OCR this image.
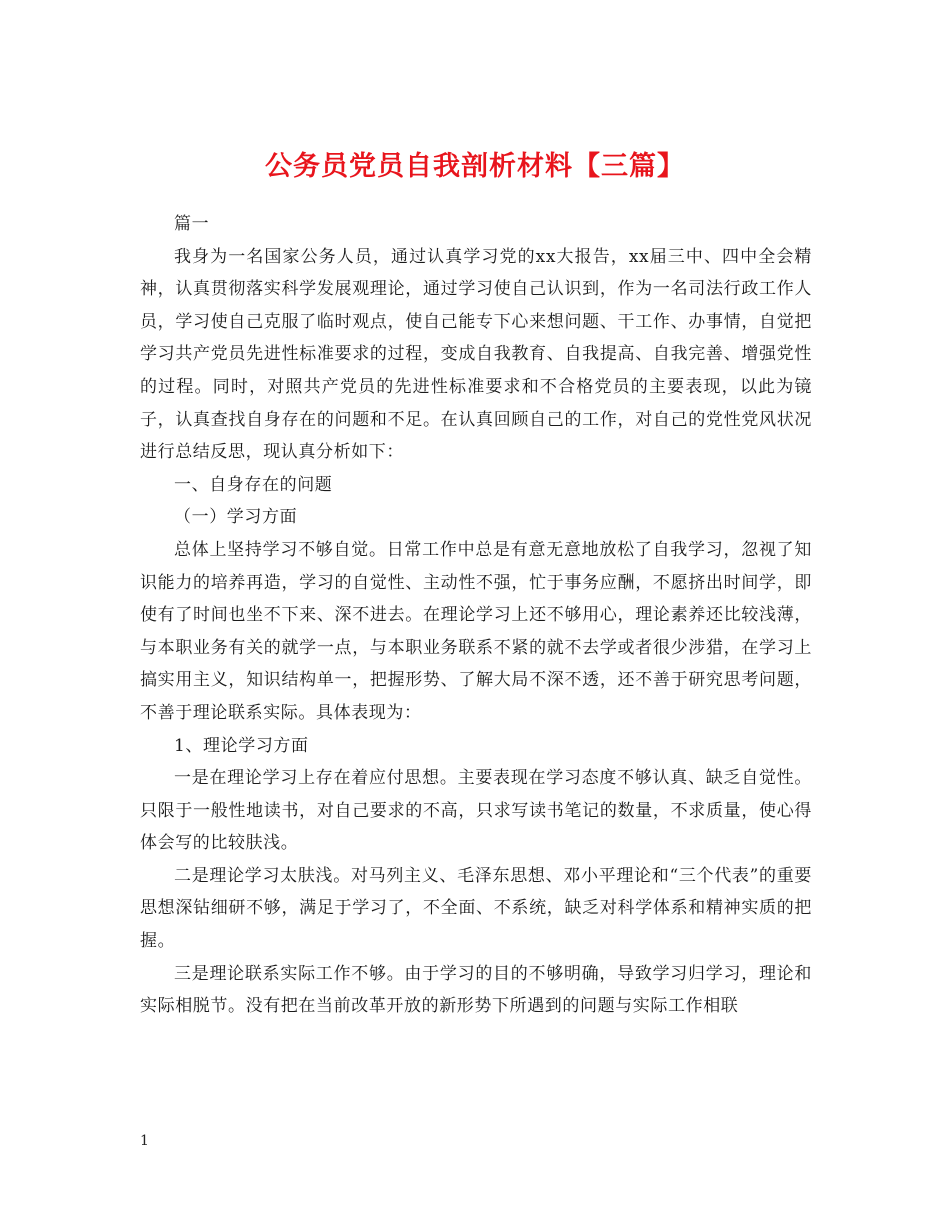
公务员党员自我剖析材料【三篇】

篇一

我身为一名国家公务人员，通过认真学习党的xx大报告，xx届三中、四中全会精神，认真贯彻落实科学发展观理论，通过学习使自己认识到，作为一名司法行政工作人员，学习使自己克服了临时观点，使自己能专下心来想问题、干工作、办事情，自觉把学习共产党员先进性标准要求的过程，变成自我教育、自我提高、自我完善、增强党性的过程。同时，对照共产党员的先进性标准要求和不合格党员的主要表现，以此为镜子，认真查找自身存在的问题和不足。在认真回顾自己的工作，对自己的党性党风状况进行总结反思，现认真分析如下：

一、自身存在的问题

（一）学习方面

总体上坚持学习不够自觉。日常工作中总是有意无意地放松了自我学习，忽视了知识能力的培养再造，学习的自觉性、主动性不强，忙于事务应酬，不愿挤出时间学，即使有了时间也坐不下来、深不进去。在理论学习上还不够用心，理论素养还比较浅薄，与本职业务有关的就学一点，与本职业务联系不紧的就不去学或者很少涉猎，在学习上搞实用主义，知识结构单一，把握形势、了解大局不深不透，还不善于研究思考问题，不善于理论联系实际。具体表现为：

1、理论学习方面

一是在理论学习上存在着应付思想。主要表现在学习态度不够认真、缺乏自觉性。只限于一般性地读书，对自己要求的不高，只求写读书笔记的数量，不求质量，使心得体会写的比较肤浅。

二是理论学习太肤浅。对马列主义、毛泽东思想、邓小平理论和“三个代表”的重要思想深钻细研不够，满足于学习了，不全面、不系统，缺乏对科学体系和精神实质的把握。

三是理论联系实际工作不够。由于学习的目的不够明确，导致学习归学习，理论和实际相脱节。没有把在当前改革开放的新形势下所遇到的问题与实际工作相联

1
